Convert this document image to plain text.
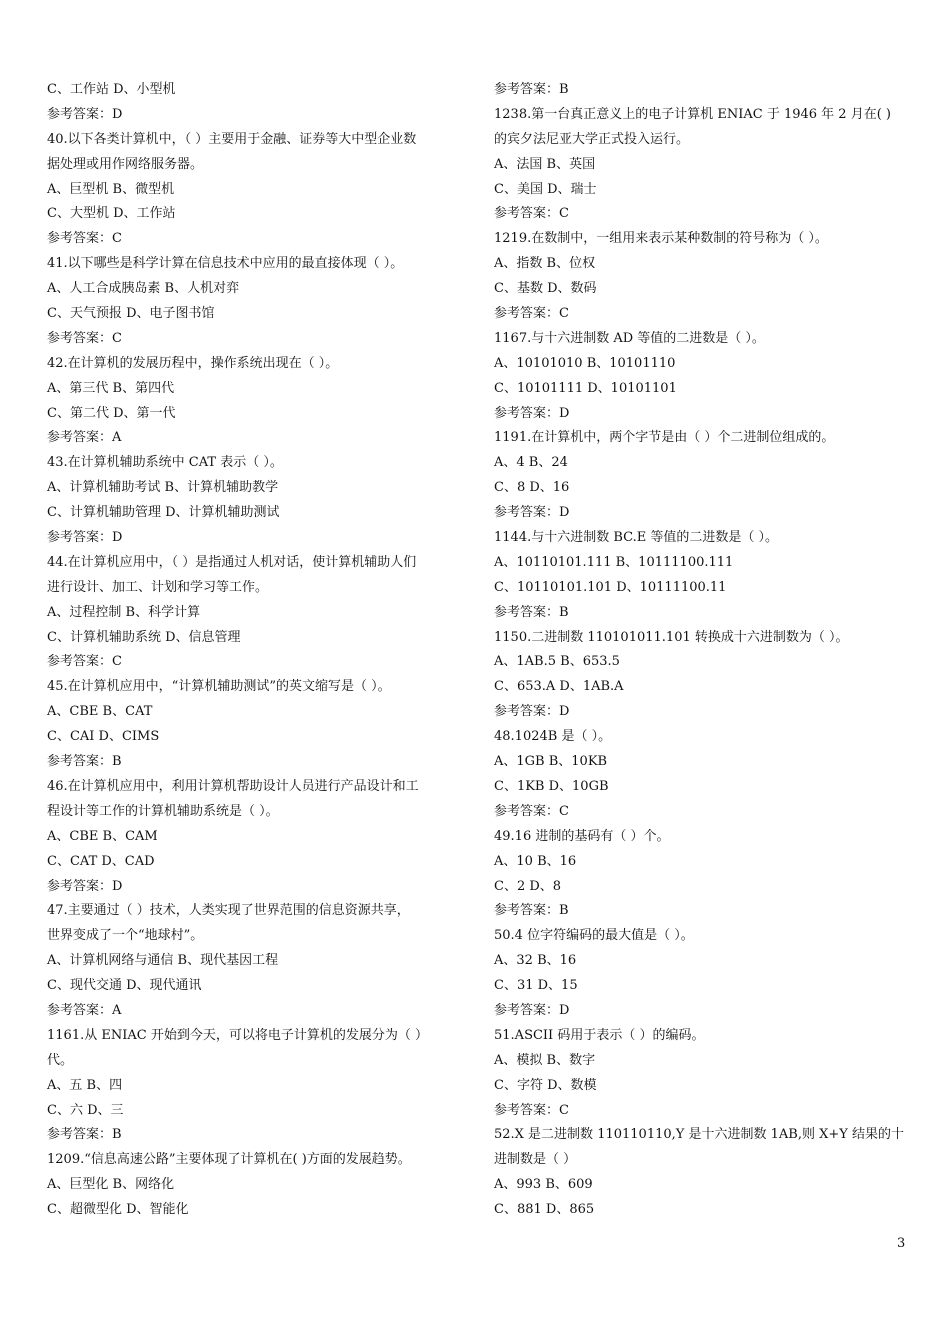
C、工作站 D、小型机
参考答案：D
40.以下各类计算机中，（ ）主要用于金融、证券等大中型企业数
据处理或用作网络服务器。
A、巨型机 B、微型机
C、大型机 D、工作站
参考答案：C
41.以下哪些是科学计算在信息技术中应用的最直接体现（ ）。
A、人工合成胰岛素 B、人机对弈
C、天气预报 D、电子图书馆
参考答案：C
42.在计算机的发展历程中，操作系统出现在（ ）。
A、第三代 B、第四代
C、第二代 D、第一代
参考答案：A
43.在计算机辅助系统中 CAT 表示（ ）。
A、计算机辅助考试 B、计算机辅助教学
C、计算机辅助管理 D、计算机辅助测试
参考答案：D
44.在计算机应用中，（ ）是指通过人机对话，使计算机辅助人们
进行设计、加工、计划和学习等工作。
A、过程控制 B、科学计算
C、计算机辅助系统 D、信息管理
参考答案：C
45.在计算机应用中，“计算机辅助测试”的英文缩写是（ ）。
A、CBE B、CAT
C、CAI D、CIMS
参考答案：B
46.在计算机应用中，利用计算机帮助设计人员进行产品设计和工
程设计等工作的计算机辅助系统是（ ）。
A、CBE B、CAM
C、CAT D、CAD
参考答案：D
47.主要通过（ ）技术，人类实现了世界范围的信息资源共享，
世界变成了一个“地球村”。
A、计算机网络与通信 B、现代基因工程
C、现代交通 D、现代通讯
参考答案：A
1161.从 ENIAC 开始到今天，可以将电子计算机的发展分为（ ）
代。
A、五 B、四
C、六 D、三
参考答案：B
1209.“信息高速公路”主要体现了计算机在( )方面的发展趋势。
A、巨型化 B、网络化
C、超微型化 D、智能化
参考答案：B
1238.第一台真正意义上的电子计算机 ENIAC 于 1946 年 2 月在( )
的宾夕法尼亚大学正式投入运行。
A、法国 B、英国
C、美国 D、瑞士
参考答案：C
1219.在数制中，一组用来表示某种数制的符号称为（ ）。
A、指数 B、位权
C、基数 D、数码
参考答案：C
1167.与十六进制数 AD 等值的二进数是（ ）。
A、10101010 B、10101110
C、10101111 D、10101101
参考答案：D
1191.在计算机中，两个字节是由（ ）个二进制位组成的。
A、4 B、24
C、8 D、16
参考答案：D
1144.与十六进制数 BC.E 等值的二进数是（ ）。
A、10110101.111 B、10111100.111
C、10110101.101 D、10111100.11
参考答案：B
1150.二进制数 110101011.101 转换成十六进制数为（ ）。
A、1AB.5 B、653.5
C、653.A D、1AB.A
参考答案：D
48.1024B 是（ ）。
A、1GB B、10KB
C、1KB D、10GB
参考答案：C
49.16 进制的基码有（ ）个。
A、10 B、16
C、2 D、8
参考答案：B
50.4 位字符编码的最大值是（ ）。
A、32 B、16
C、31 D、15
参考答案：D
51.ASCII 码用于表示（ ）的编码。
A、模拟 B、数字
C、字符 D、数模
参考答案：C
52.X 是二进制数 110110110,Y 是十六进制数 1AB,则 X+Y 结果的十
进制数是（ ）
A、993 B、609
C、881 D、865
3
